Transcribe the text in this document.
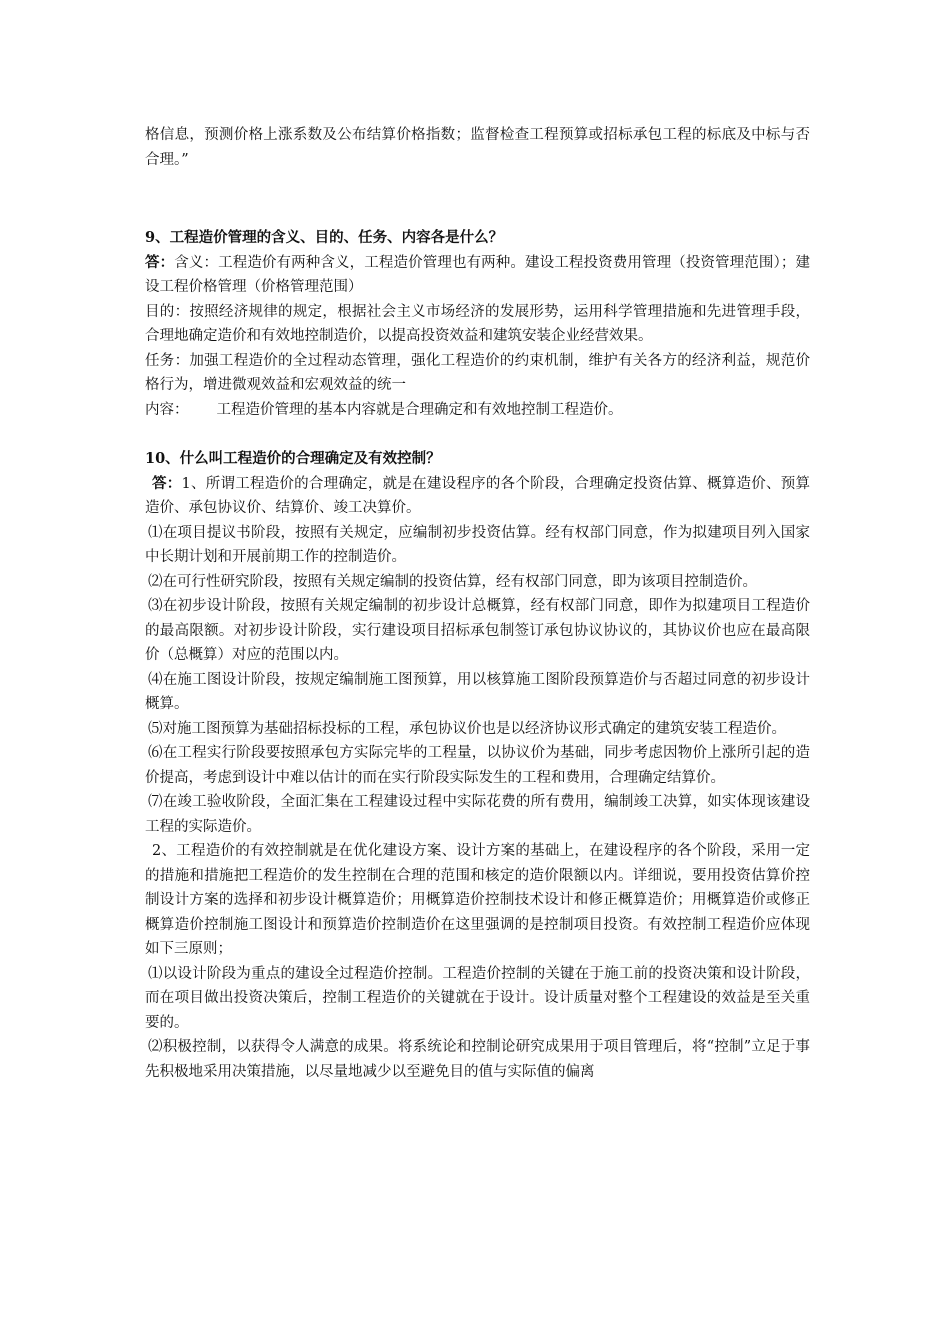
格信息，预测价格上涨系数及公布结算价格指数；监督检查工程预算或招标承包工程的标底及中标与否合理。”

9、工程造价管理的含义、目的、任务、内容各是什么？

答：含义：工程造价有两种含义，工程造价管理也有两种。建设工程投资费用管理（投资管理范围）；建设工程价格管理（价格管理范围）

目的：按照经济规律的规定，根据社会主义市场经济的发展形势，运用科学管理措施和先进管理手段，合理地确定造价和有效地控制造价，以提高投资效益和建筑安装企业经营效果。

任务：加强工程造价的全过程动态管理，强化工程造价的约束机制，维护有关各方的经济利益，规范价格行为，增进微观效益和宏观效益的统一

内容： 工程造价管理的基本内容就是合理确定和有效地控制工程造价。

10、什么叫工程造价的合理确定及有效控制？

答：1、所谓工程造价的合理确定，就是在建设程序的各个阶段，合理确定投资估算、概算造价、预算造价、承包协议价、结算价、竣工决算价。

⑴在项目提议书阶段，按照有关规定，应编制初步投资估算。经有权部门同意，作为拟建项目列入国家中长期计划和开展前期工作的控制造价。

⑵在可行性研究阶段，按照有关规定编制的投资估算，经有权部门同意，即为该项目控制造价。

⑶在初步设计阶段，按照有关规定编制的初步设计总概算，经有权部门同意，即作为拟建项目工程造价的最高限额。对初步设计阶段，实行建设项目招标承包制签订承包协议协议的，其协议价也应在最高限价（总概算）对应的范围以内。

⑷在施工图设计阶段，按规定编制施工图预算，用以核算施工图阶段预算造价与否超过同意的初步设计概算。

⑸对施工图预算为基础招标投标的工程，承包协议价也是以经济协议形式确定的建筑安装工程造价。

⑹在工程实行阶段要按照承包方实际完毕的工程量，以协议价为基础，同步考虑因物价上涨所引起的造价提高，考虑到设计中难以估计的而在实行阶段实际发生的工程和费用，合理确定结算价。

⑺在竣工验收阶段，全面汇集在工程建设过程中实际花费的所有费用，编制竣工决算，如实体现该建设工程的实际造价。

2、工程造价的有效控制就是在优化建设方案、设计方案的基础上，在建设程序的各个阶段，采用一定的措施和措施把工程造价的发生控制在合理的范围和核定的造价限额以内。详细说，要用投资估算价控制设计方案的选择和初步设计概算造价；用概算造价控制技术设计和修正概算造价；用概算造价或修正概算造价控制施工图设计和预算造价控制造价在这里强调的是控制项目投资。有效控制工程造价应体现如下三原则；

⑴以设计阶段为重点的建设全过程造价控制。工程造价控制的关键在于施工前的投资决策和设计阶段，而在项目做出投资决策后，控制工程造价的关键就在于设计。设计质量对整个工程建设的效益是至关重要的。

⑵积极控制，以获得令人满意的成果。将系统论和控制论研究成果用于项目管理后，将“控制”立足于事先积极地采用决策措施，以尽量地减少以至避免目的值与实际值的偏离
